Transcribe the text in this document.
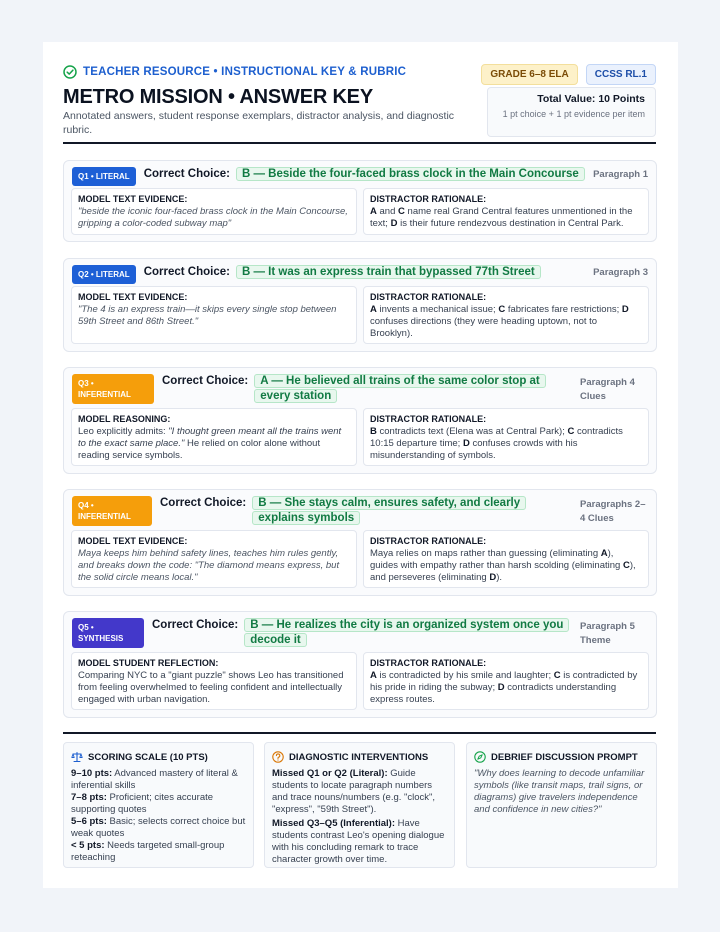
TEACHER RESOURCE • INSTRUCTIONAL KEY & RUBRIC
METRO MISSION • ANSWER KEY
Annotated answers, student response exemplars, distractor analysis, and diagnostic rubric.
GRADE 6–8 ELA	CCSS RL.1
Total Value: 10 Points
1 pt choice + 1 pt evidence per item
Q1 • LITERAL	Correct Choice:	B — Beside the four-faced brass clock in the Main Concourse	Paragraph 1
MODEL TEXT EVIDENCE:
"beside the iconic four-faced brass clock in the Main Concourse, gripping a color-coded subway map"
DISTRACTOR RATIONALE:
A and C name real Grand Central features unmentioned in the text; D is their future rendezvous destination in Central Park.
Q2 • LITERAL	Correct Choice:	B — It was an express train that bypassed 77th Street	Paragraph 3
MODEL TEXT EVIDENCE:
"The 4 is an express train—it skips every single stop between 59th Street and 86th Street."
DISTRACTOR RATIONALE:
A invents a mechanical issue; C fabricates fare restrictions; D confuses directions (they were heading uptown, not to Brooklyn).
Q3 • INFERENTIAL
Correct Choice:	A — He believed all trains of the same color stop at every station
Paragraph 4 Clues
MODEL REASONING:
Leo explicitly admits: "I thought green meant all the trains went to the exact same place." He relied on color alone without reading service symbols.
DISTRACTOR RATIONALE:
B contradicts text (Elena was at Central Park); C contradicts 10:15 departure time; D confuses crowds with his misunderstanding of symbols.
Q4 • INFERENTIAL
Correct Choice:	B — She stays calm, ensures safety, and clearly explains symbols
Paragraphs 2–4 Clues
MODEL TEXT EVIDENCE:
Maya keeps him behind safety lines, teaches him rules gently, and breaks down the code: "The diamond means express, but the solid circle means local."
DISTRACTOR RATIONALE:
Maya relies on maps rather than guessing (eliminating A), guides with empathy rather than harsh scolding (eliminating C), and perseveres (eliminating D).
Q5 • SYNTHESIS
Correct Choice:	B — He realizes the city is an organized system once you decode it
Paragraph 5 Theme
MODEL STUDENT REFLECTION:
Comparing NYC to a "giant puzzle" shows Leo has transitioned from feeling overwhelmed to feeling confident and intellectually engaged with urban navigation.
DISTRACTOR RATIONALE:
A is contradicted by his smile and laughter; C is contradicted by his pride in riding the subway; D contradicts understanding express routes.
SCORING SCALE (10 PTS)
9–10 pts: Advanced mastery of literal & inferential skills
7–8 pts: Proficient; cites accurate supporting quotes
5–6 pts: Basic; selects correct choice but weak quotes
< 5 pts: Needs targeted small-group reteaching
DIAGNOSTIC INTERVENTIONS
Missed Q1 or Q2 (Literal): Guide students to locate paragraph numbers and trace nouns/numbers (e.g. "clock", "express", "59th Street").
Missed Q3–Q5 (Inferential): Have students contrast Leo's opening dialogue with his concluding remark to trace character growth over time.
DEBRIEF DISCUSSION PROMPT
"Why does learning to decode unfamiliar symbols (like transit maps, trail signs, or diagrams) give travelers independence and confidence in new cities?"
